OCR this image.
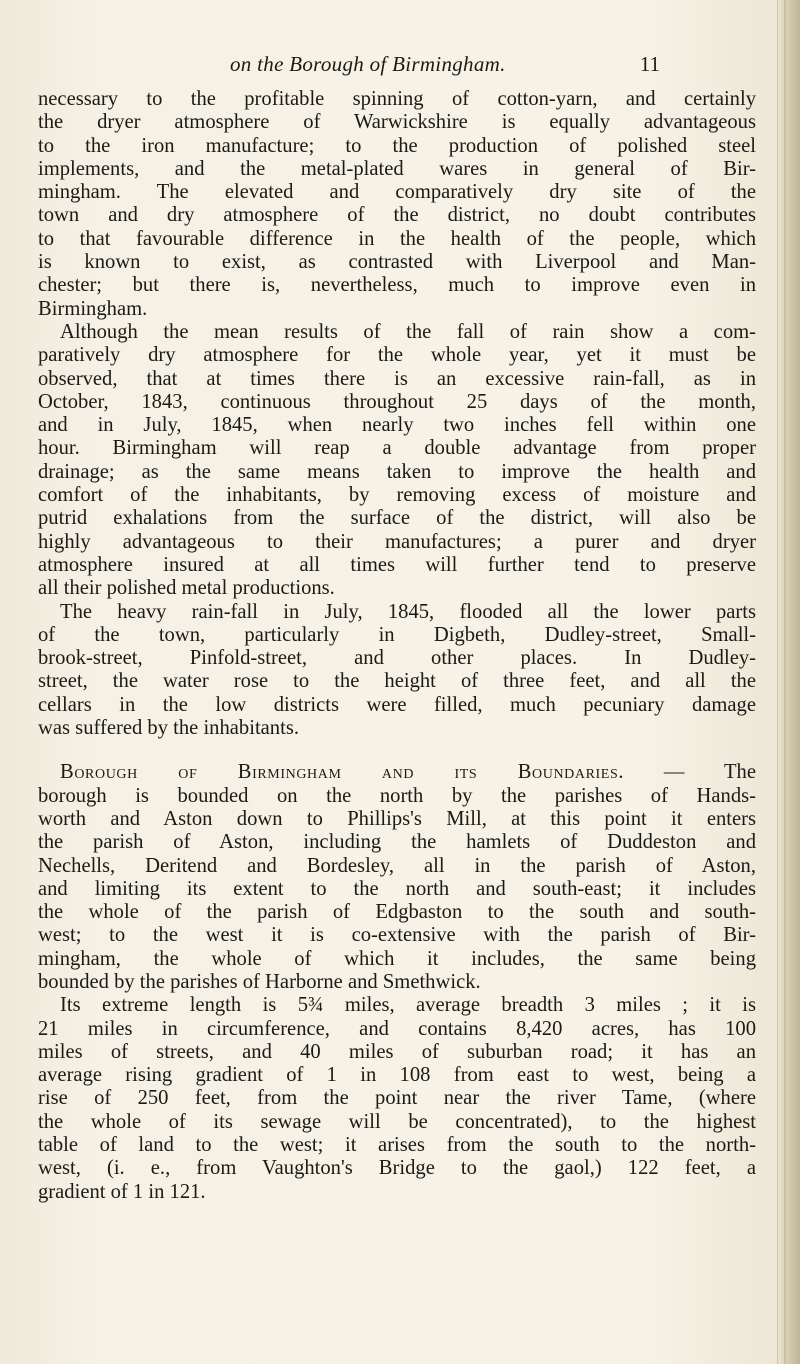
on the Borough of Birmingham.	11
necessary to the profitable spinning of cotton-yarn, and certainly
the dryer atmosphere of Warwickshire is equally advantageous
to the iron manufacture; to the production of polished steel
implements, and the metal-plated wares in general of Bir-
mingham. The elevated and comparatively dry site of the
town and dry atmosphere of the district, no doubt contributes
to that favourable difference in the health of the people, which
is known to exist, as contrasted with Liverpool and Man-
chester; but there is, nevertheless, much to improve even in
Birmingham.
Although the mean results of the fall of rain show a com-
paratively dry atmosphere for the whole year, yet it must be
observed, that at times there is an excessive rain-fall, as in
October, 1843, continuous throughout 25 days of the month,
and in July, 1845, when nearly two inches fell within one
hour. Birmingham will reap a double advantage from proper
drainage; as the same means taken to improve the health and
comfort of the inhabitants, by removing excess of moisture and
putrid exhalations from the surface of the district, will also be
highly advantageous to their manufactures; a purer and dryer
atmosphere insured at all times will further tend to preserve
all their polished metal productions.
The heavy rain-fall in July, 1845, flooded all the lower parts
of the town, particularly in Digbeth, Dudley-street, Small-
brook-street, Pinfold-street, and other places. In Dudley-
street, the water rose to the height of three feet, and all the
cellars in the low districts were filled, much pecuniary damage
was suffered by the inhabitants.
Borough of Birmingham and its Boundaries. — The
borough is bounded on the north by the parishes of Hands-
worth and Aston down to Phillips's Mill, at this point it enters
the parish of Aston, including the hamlets of Duddeston and
Nechells, Deritend and Bordesley, all in the parish of Aston,
and limiting its extent to the north and south-east; it includes
the whole of the parish of Edgbaston to the south and south-
west; to the west it is co-extensive with the parish of Bir-
mingham, the whole of which it includes, the same being
bounded by the parishes of Harborne and Smethwick.
Its extreme length is 5¾ miles, average breadth 3 miles ; it is
21 miles in circumference, and contains 8,420 acres, has 100
miles of streets, and 40 miles of suburban road; it has an
average rising gradient of 1 in 108 from east to west, being a
rise of 250 feet, from the point near the river Tame, (where
the whole of its sewage will be concentrated), to the highest
table of land to the west; it arises from the south to the north-
west, (i. e., from Vaughton's Bridge to the gaol,) 122 feet, a
gradient of 1 in 121.
